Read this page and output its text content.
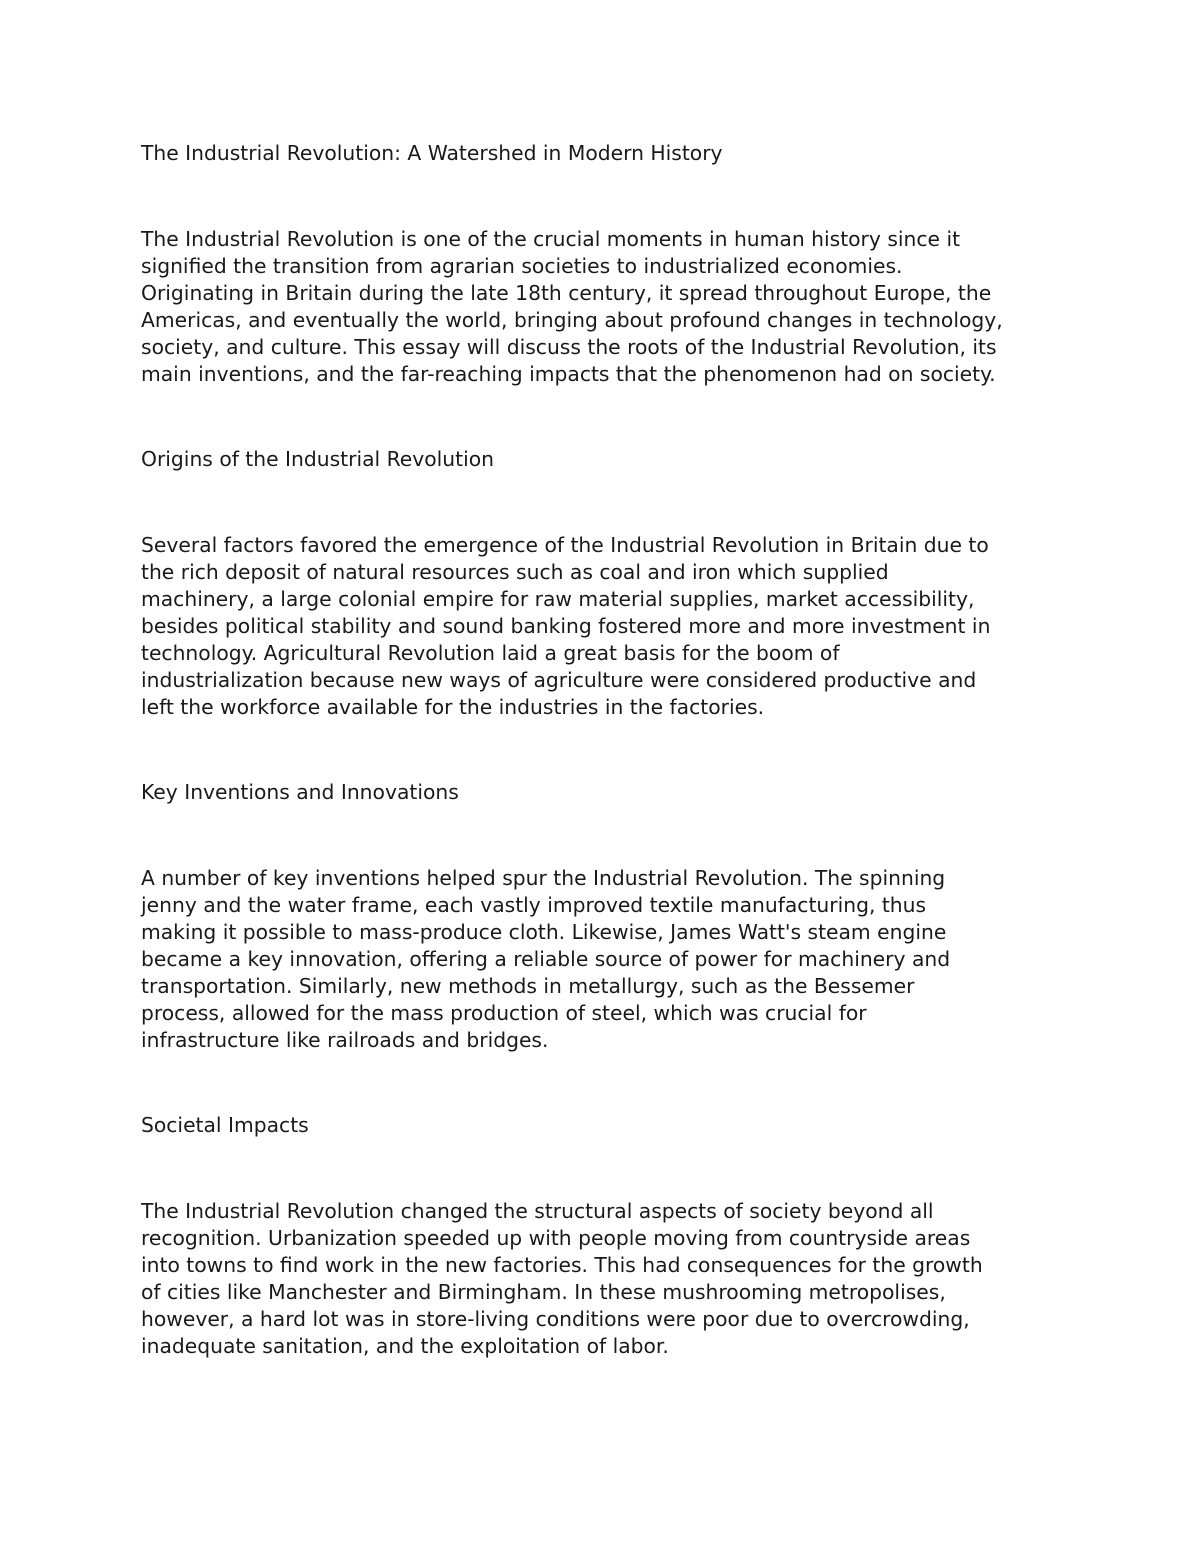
The Industrial Revolution: A Watershed in Modern History

The Industrial Revolution is one of the crucial moments in human history since it
signified the transition from agrarian societies to industrialized economies.
Originating in Britain during the late 18th century, it spread throughout Europe, the
Americas, and eventually the world, bringing about profound changes in technology,
society, and culture. This essay will discuss the roots of the Industrial Revolution, its
main inventions, and the far-reaching impacts that the phenomenon had on society.

Origins of the Industrial Revolution

Several factors favored the emergence of the Industrial Revolution in Britain due to
the rich deposit of natural resources such as coal and iron which supplied
machinery, a large colonial empire for raw material supplies, market accessibility,
besides political stability and sound banking fostered more and more investment in
technology. Agricultural Revolution laid a great basis for the boom of
industrialization because new ways of agriculture were considered productive and
left the workforce available for the industries in the factories.

Key Inventions and Innovations

A number of key inventions helped spur the Industrial Revolution. The spinning
jenny and the water frame, each vastly improved textile manufacturing, thus
making it possible to mass-produce cloth. Likewise, James Watt's steam engine
became a key innovation, offering a reliable source of power for machinery and
transportation. Similarly, new methods in metallurgy, such as the Bessemer
process, allowed for the mass production of steel, which was crucial for
infrastructure like railroads and bridges.

Societal Impacts

The Industrial Revolution changed the structural aspects of society beyond all
recognition. Urbanization speeded up with people moving from countryside areas
into towns to find work in the new factories. This had consequences for the growth
of cities like Manchester and Birmingham. In these mushrooming metropolises,
however, a hard lot was in store-living conditions were poor due to overcrowding,
inadequate sanitation, and the exploitation of labor.
